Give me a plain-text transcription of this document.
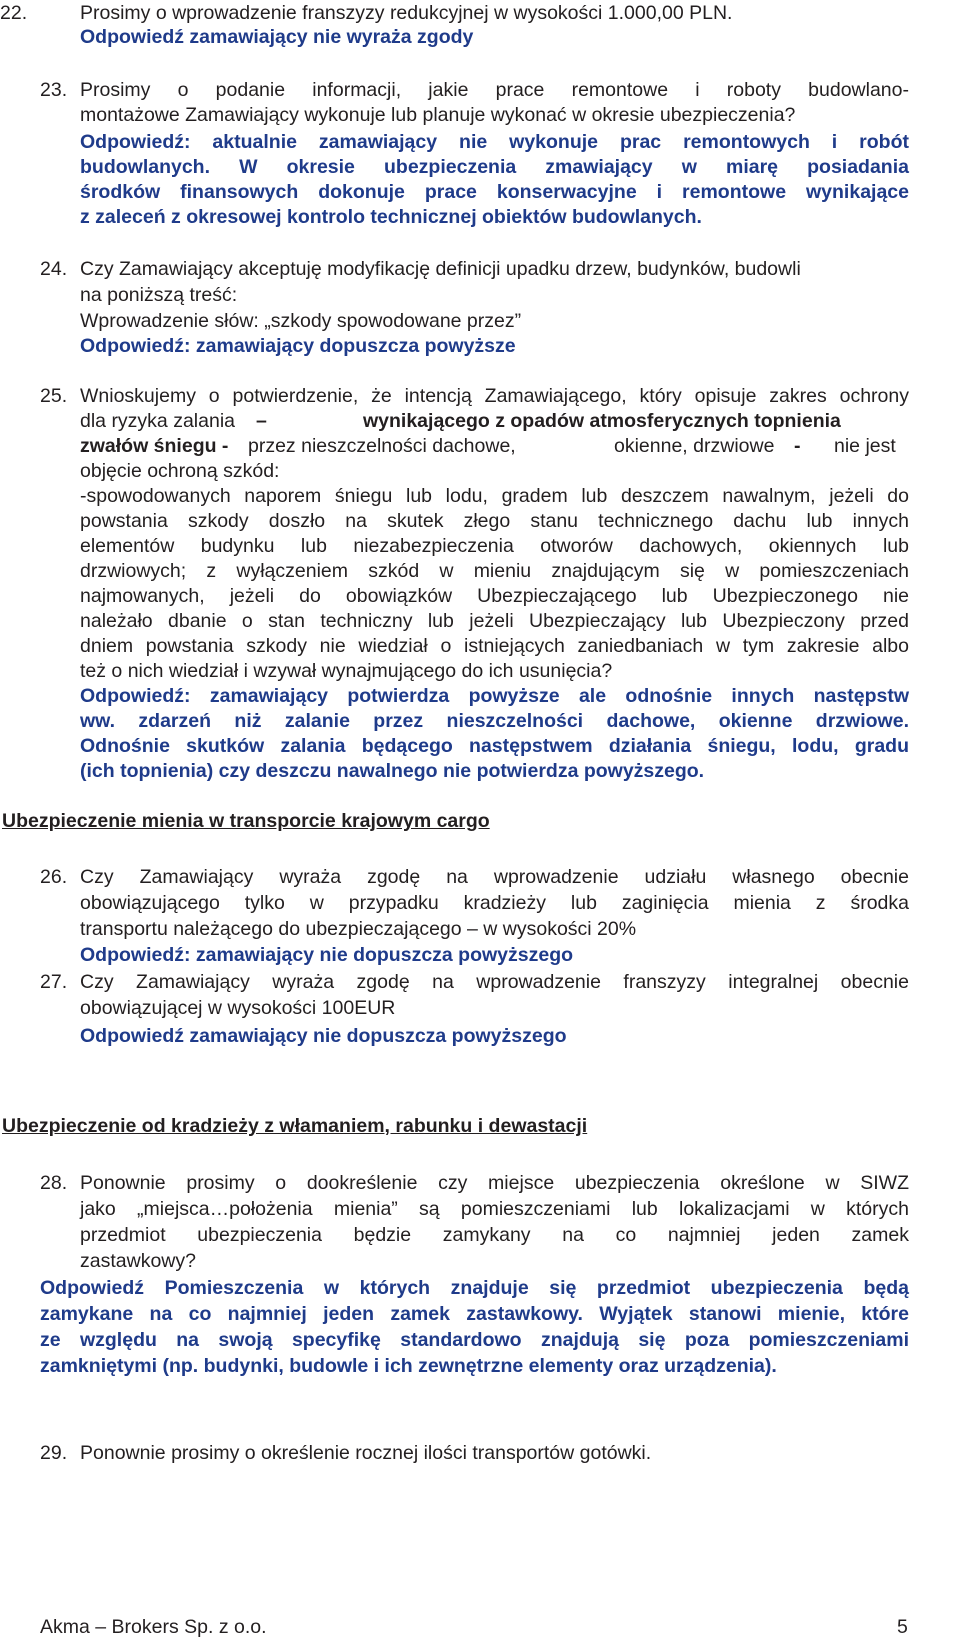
22.	Prosimy o wprowadzenie franszyzy redukcyjnej w wysokości 1.000,00 PLN.
Odpowiedź zamawiający nie wyraża zgody
23. Prosimy o podanie informacji, jakie prace remontowe i roboty budowlano-
montażowe Zamawiający wykonuje lub planuje wykonać w okresie ubezpieczenia?
Odpowiedź: aktualnie zamawiający nie wykonuje prac remontowych i robót
budowlanych. W okresie ubezpieczenia zmawiający w miarę posiadania
środków finansowych dokonuje prace konserwacyjne i remontowe wynikające
z zaleceń z okresowej kontrolo technicznej obiektów budowlanych.
24. Czy Zamawiający akceptuję modyfikację definicji upadku drzew, budynków, budowli
na poniższą treść:
Wprowadzenie słów: „szkody spowodowane przez”
Odpowiedź: zamawiający dopuszcza powyższe
25. Wnioskujemy o potwierdzenie, że intencją Zamawiającego, który opisuje zakres ochrony
dla ryzyka zalania –	wynikającego z opadów atmosferycznych topnienia
zwałów śniegu - przez nieszczelności dachowe,	okienne, drzwiowe - nie jest
objęcie ochroną szkód:
-spowodowanych naporem śniegu lub lodu, gradem lub deszczem nawalnym, jeżeli do
powstania szkody doszło na skutek złego stanu technicznego dachu lub innych
elementów budynku lub niezabezpieczenia otworów dachowych, okiennych lub
drzwiowych; z wyłączeniem szkód w mieniu znajdującym się w pomieszczeniach
najmowanych, jeżeli do obowiązków Ubezpieczającego lub Ubezpieczonego nie
należało dbanie o stan techniczny lub jeżeli Ubezpieczający lub Ubezpieczony przed
dniem powstania szkody nie wiedział o istniejących zaniedbaniach w tym zakresie albo
też o nich wiedział i wzywał wynajmującego do ich usunięcia?
Odpowiedź: zamawiający potwierdza powyższe ale odnośnie innych następstw
ww. zdarzeń niż zalanie przez nieszczelności dachowe, okienne drzwiowe.
Odnośnie skutków zalania będącego następstwem działania śniegu, lodu, gradu
(ich topnienia) czy deszczu nawalnego nie potwierdza powyższego.
Ubezpieczenie mienia w transporcie krajowym cargo
26. Czy Zamawiający wyraża zgodę na wprowadzenie udziału własnego obecnie
obowiązującego tylko w przypadku kradzieży lub zaginięcia mienia z środka
transportu należącego do ubezpieczającego – w wysokości 20%
Odpowiedź: zamawiający nie dopuszcza powyższego
27. Czy Zamawiający wyraża zgodę na wprowadzenie franszyzy integralnej obecnie
obowiązującej w wysokości 100EUR
Odpowiedź zamawiający nie dopuszcza powyższego
Ubezpieczenie od kradzieży z włamaniem, rabunku i dewastacji
28. Ponownie prosimy o dookreślenie czy miejsce ubezpieczenia określone w SIWZ
jako „miejsca…położenia mienia” są pomieszczeniami lub lokalizacjami w których
przedmiot ubezpieczenia będzie zamykany na co najmniej jeden zamek
zastawkowy?
Odpowiedź Pomieszczenia w których znajduje się przedmiot ubezpieczenia będą
zamykane na co najmniej jeden zamek zastawkowy. Wyjątek stanowi mienie, które
ze względu na swoją specyfikę standardowo znajdują się poza pomieszczeniami
zamkniętymi (np. budynki, budowle i ich zewnętrzne elementy oraz urządzenia).
29. Ponownie prosimy o określenie rocznej ilości transportów gotówki.
Akma – Brokers Sp. z o.o.	5
